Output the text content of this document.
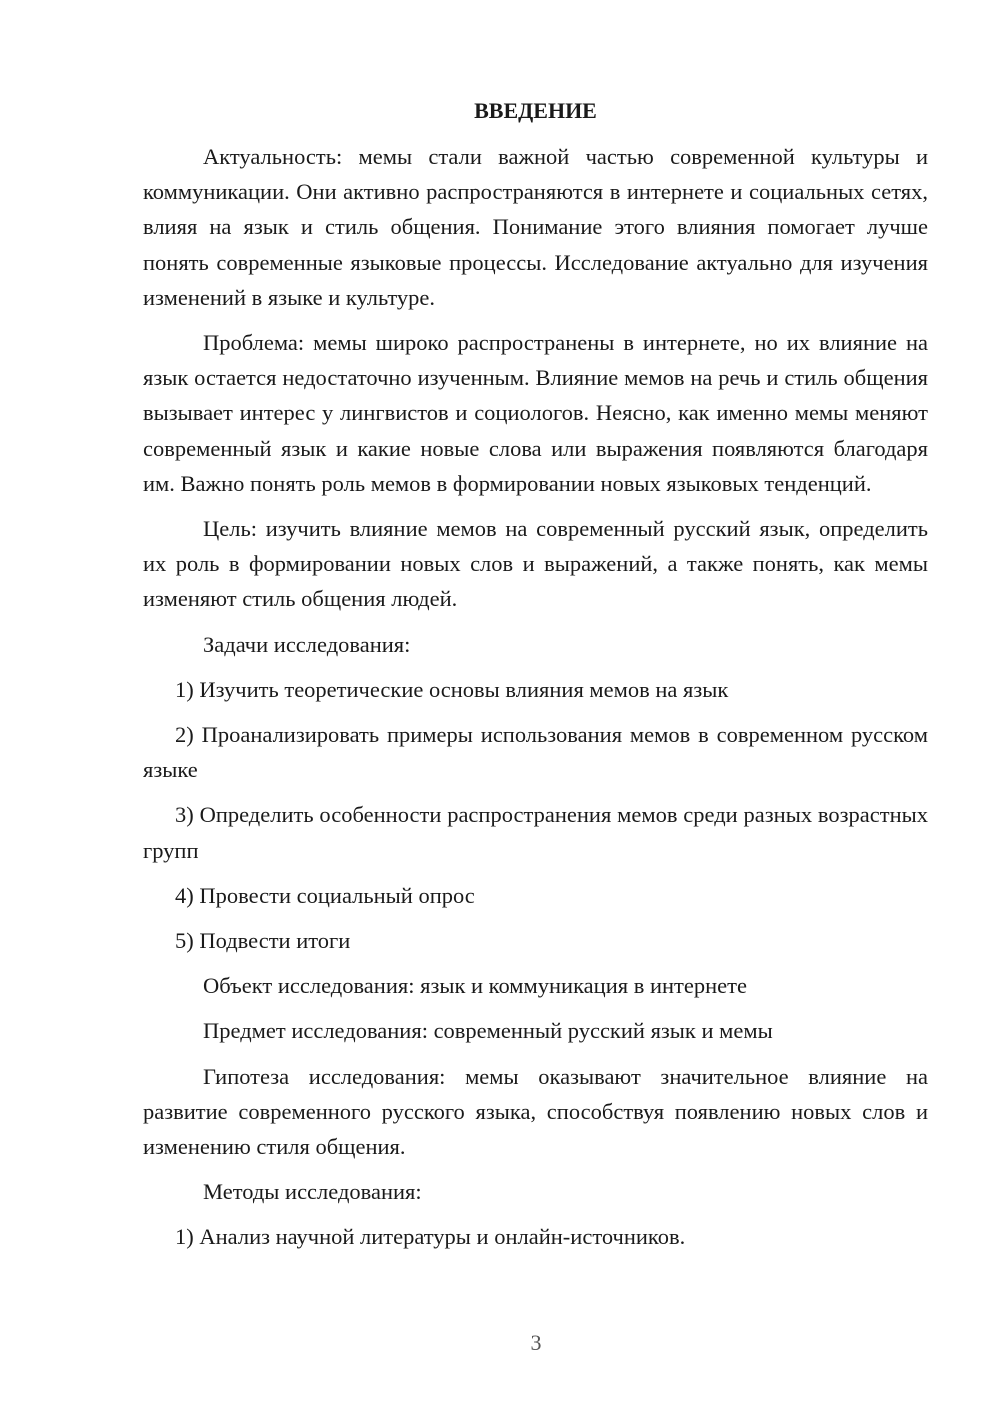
ВВЕДЕНИЕ

Актуальность: мемы стали важной частью современной культуры и коммуникации. Они активно распространяются в интернете и социальных сетях, влияя на язык и стиль общения. Понимание этого влияния помогает лучше понять современные языковые процессы. Исследование актуально для изучения изменений в языке и культуре.

Проблема: мемы широко распространены в интернете, но их влияние на язык остается недостаточно изученным. Влияние мемов на речь и стиль общения вызывает интерес у лингвистов и социологов. Неясно, как именно мемы меняют современный язык и какие новые слова или выражения появляются благодаря им. Важно понять роль мемов в формировании новых языковых тенденций.

Цель: изучить влияние мемов на современный русский язык, определить их роль в формировании новых слов и выражений, а также понять, как мемы изменяют стиль общения людей.

Задачи исследования:

1) Изучить теоретические основы влияния мемов на язык

2) Проанализировать примеры использования мемов в современном русском языке

3) Определить особенности распространения мемов среди разных возрастных групп

4) Провести социальный опрос

5) Подвести итоги

Объект исследования: язык и коммуникация в интернете

Предмет исследования: современный русский язык и мемы

Гипотеза исследования: мемы оказывают значительное влияние на развитие современного русского языка, способствуя появлению новых слов и изменению стиля общения.

Методы исследования:

1) Анализ научной литературы и онлайн-источников.

3
